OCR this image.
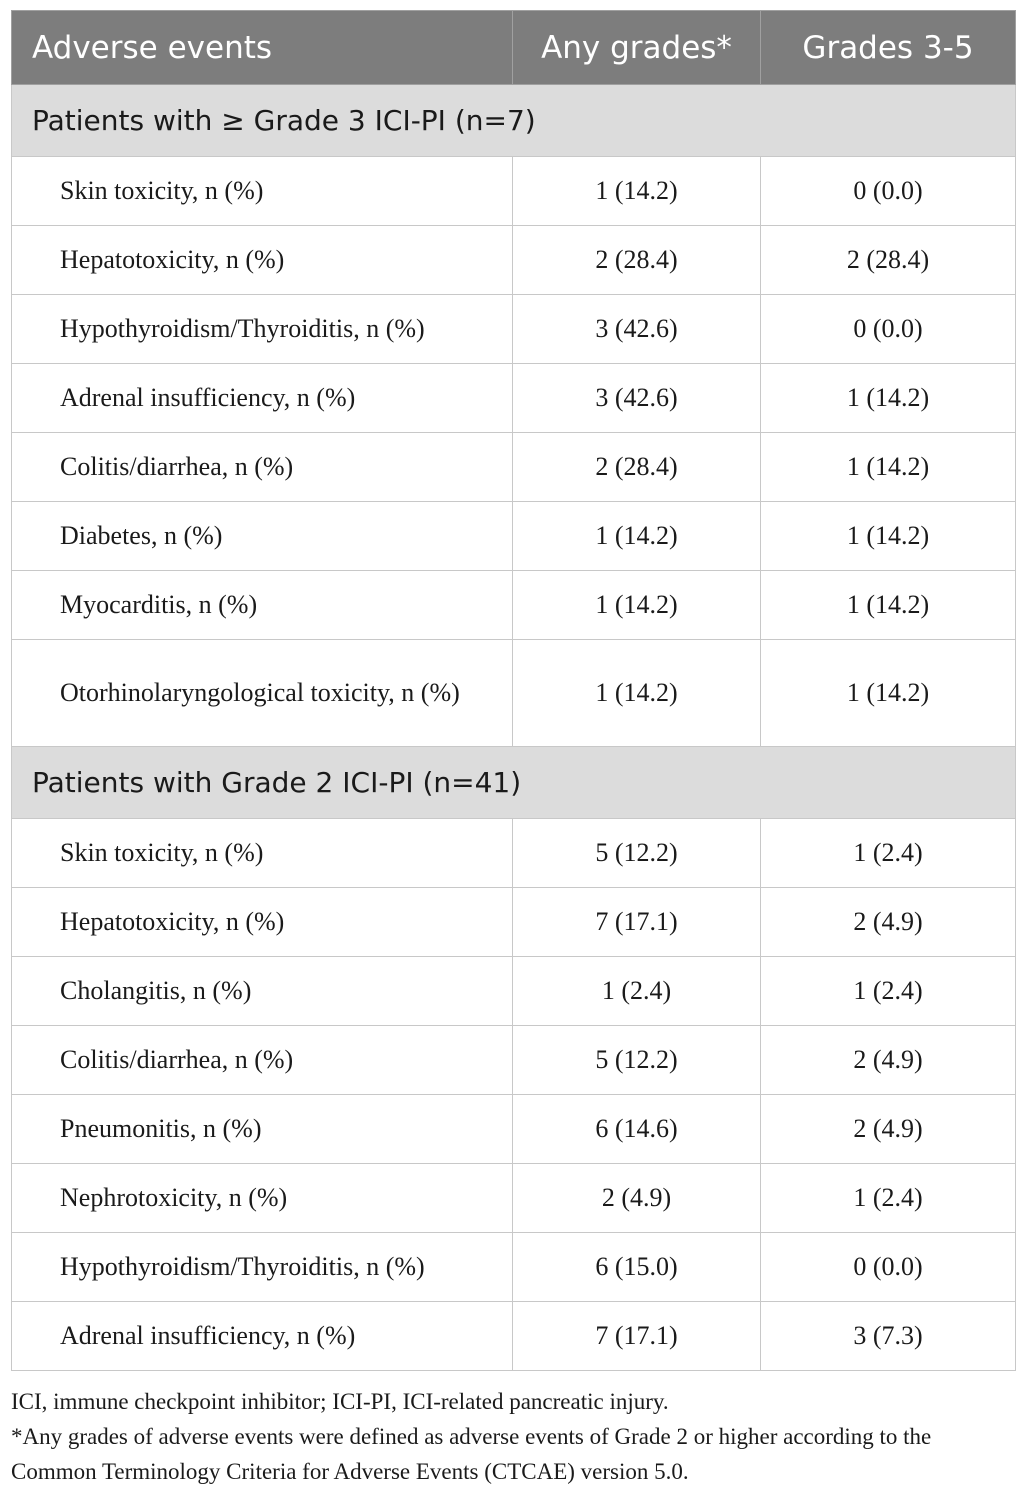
Adverse events	Any grades*	Grades 3-5
Patients with ≥ Grade 3 ICI-PI (n=7)		
Skin toxicity, n (%)	1 (14.2)	0 (0.0)
Hepatotoxicity, n (%)	2 (28.4)	2 (28.4)
Hypothyroidism/Thyroiditis, n (%)	3 (42.6)	0 (0.0)
Adrenal insufficiency, n (%)	3 (42.6)	1 (14.2)
Colitis/diarrhea, n (%)	2 (28.4)	1 (14.2)
Diabetes, n (%)	1 (14.2)	1 (14.2)
Myocarditis, n (%)	1 (14.2)	1 (14.2)
Otorhinolaryngological toxicity, n (%)	1 (14.2)	1 (14.2)
Patients with Grade 2 ICI-PI (n=41)		
Skin toxicity, n (%)	5 (12.2)	1 (2.4)
Hepatotoxicity, n (%)	7 (17.1)	2 (4.9)
Cholangitis, n (%)	1 (2.4)	1 (2.4)
Colitis/diarrhea, n (%)	5 (12.2)	2 (4.9)
Pneumonitis, n (%)	6 (14.6)	2 (4.9)
Nephrotoxicity, n (%)	2 (4.9)	1 (2.4)
Hypothyroidism/Thyroiditis, n (%)	6 (15.0)	0 (0.0)
Adrenal insufficiency, n (%)	7 (17.1)	3 (7.3)

ICI, immune checkpoint inhibitor; ICI-PI, ICI-related pancreatic injury.

*Any grades of adverse events were defined as adverse events of Grade 2 or higher according to the Common Terminology Criteria for Adverse Events (CTCAE) version 5.0.
